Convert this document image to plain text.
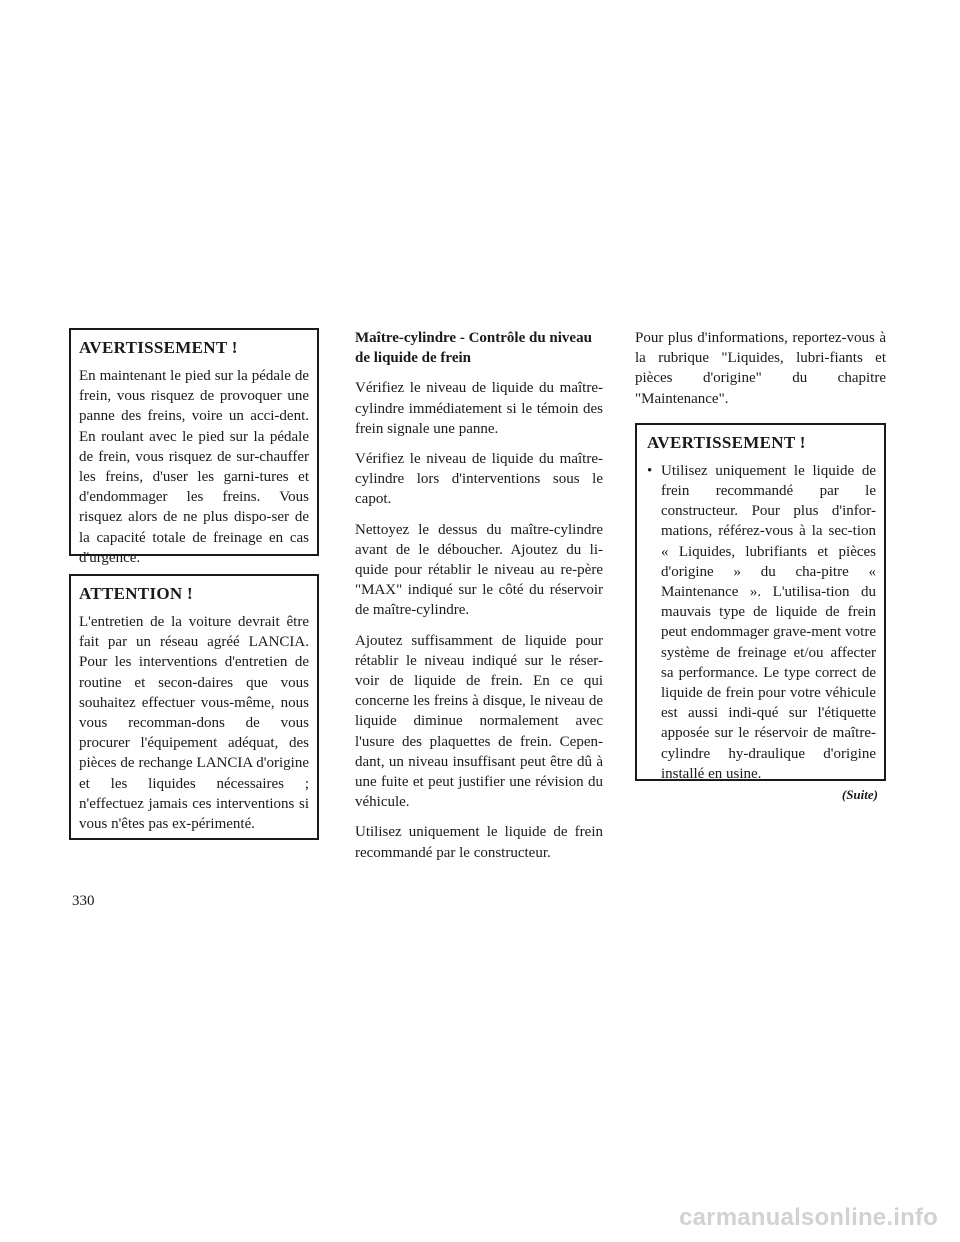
AVERTISSEMENT !

En maintenant le pied sur la pédale de frein, vous risquez de provoquer une panne des freins, voire un acci-dent. En roulant avec le pied sur la pédale de frein, vous risquez de sur-chauffer les freins, d'user les garni-tures et d'endommager les freins. Vous risquez alors de ne plus dispo-ser de la capacité totale de freinage en cas d'urgence.

ATTENTION !

L'entretien de la voiture devrait être fait par un réseau agréé LANCIA. Pour les interventions d'entretien de routine et secon-daires que vous souhaitez effectuer vous-même, nous vous recomman-dons de vous procurer l'équipement adéquat, des pièces de rechange LANCIA d'origine et les liquides nécessaires ; n'effectuez jamais ces interventions si vous n'êtes pas ex-périmenté.

Maître-cylindre - Contrôle du niveau de liquide de frein

Vérifiez le niveau de liquide du maître-cylindre immédiatement si le témoin des frein signale une panne.

Vérifiez le niveau de liquide du maître-cylindre lors d'interventions sous le capot.

Nettoyez le dessus du maître-cylindre avant de le déboucher. Ajoutez du li-quide pour rétablir le niveau au re-père "MAX" indiqué sur le côté du réservoir de maître-cylindre.

Ajoutez suffisamment de liquide pour rétablir le niveau indiqué sur le réser-voir de liquide de frein. En ce qui concerne les freins à disque, le niveau de liquide diminue normalement avec l'usure des plaquettes de frein. Cepen-dant, un niveau insuffisant peut être dû à une fuite et peut justifier une révision du véhicule.

Utilisez uniquement le liquide de frein recommandé par le constructeur.

Pour plus d'informations, reportez-vous à la rubrique "Liquides, lubri-fiants et pièces d'origine" du chapitre "Maintenance".

AVERTISSEMENT !
• Utilisez uniquement le liquide de frein recommandé par le constructeur. Pour plus d'infor-mations, référez-vous à la sec-tion « Liquides, lubrifiants et pièces d'origine » du cha-pitre « Maintenance ». L'utilisa-tion du mauvais type de liquide de frein peut endommager grave-ment votre système de freinage et/ou affecter sa performance. Le type correct de liquide de frein pour votre véhicule est aussi indi-qué sur l'étiquette apposée sur le réservoir de maître-cylindre hy-draulique d'origine installé en usine.
(Suite)
330
carmanualsonline.info
